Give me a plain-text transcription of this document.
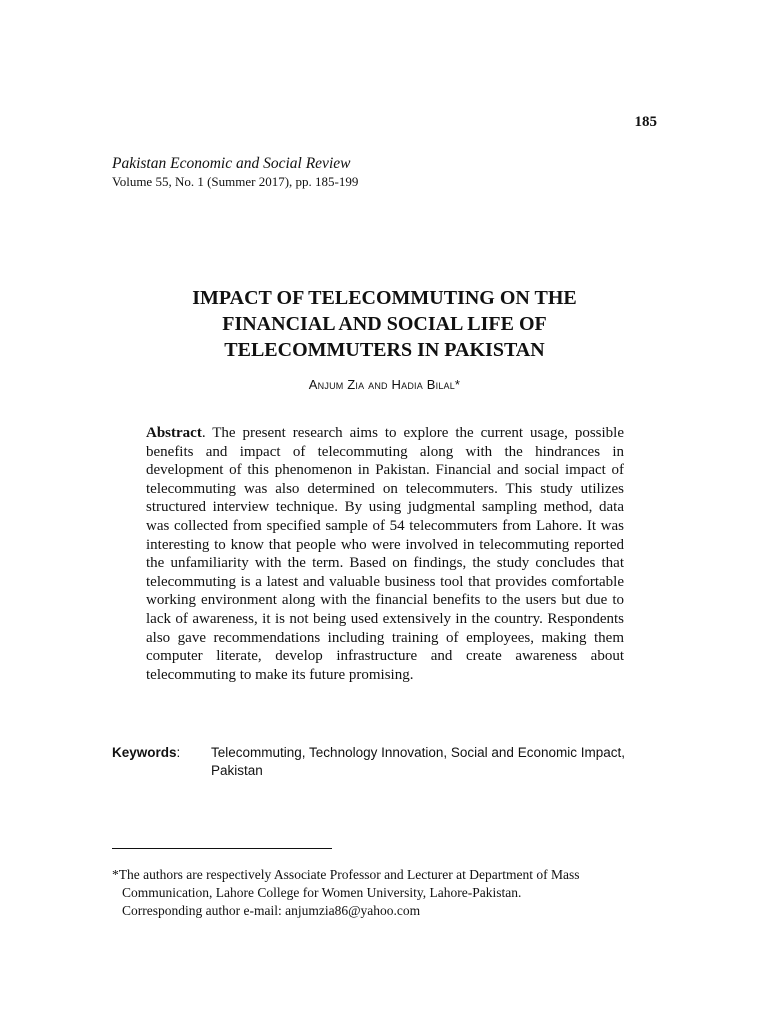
185
Pakistan Economic and Social Review
Volume 55, No. 1 (Summer 2017), pp. 185-199
IMPACT OF TELECOMMUTING ON THE
FINANCIAL AND SOCIAL LIFE OF
TELECOMMUTERS IN PAKISTAN
Anjum Zia and Hadia Bilal*
Abstract. The present research aims to explore the current usage, possible benefits and impact of telecommuting along with the hindrances in development of this phenomenon in Pakistan. Financial and social impact of telecommuting was also determined on telecommuters. This study utilizes structured interview technique. By using judgmental sampling method, data was collected from specified sample of 54 telecommuters from Lahore. It was interesting to know that people who were involved in telecommuting reported the unfamiliarity with the term. Based on findings, the study concludes that telecommuting is a latest and valuable business tool that provides comfortable working environment along with the financial benefits to the users but due to lack of awareness, it is not being used extensively in the country. Respondents also gave recommendations including training of employees, making them computer literate, develop infrastructure and create awareness about telecommuting to make its future promising.
Keywords: Telecommuting, Technology Innovation, Social and Economic Impact, Pakistan
*The authors are respectively Associate Professor and Lecturer at Department of Mass
Communication, Lahore College for Women University, Lahore-Pakistan.
Corresponding author e-mail: anjumzia86@yahoo.com
